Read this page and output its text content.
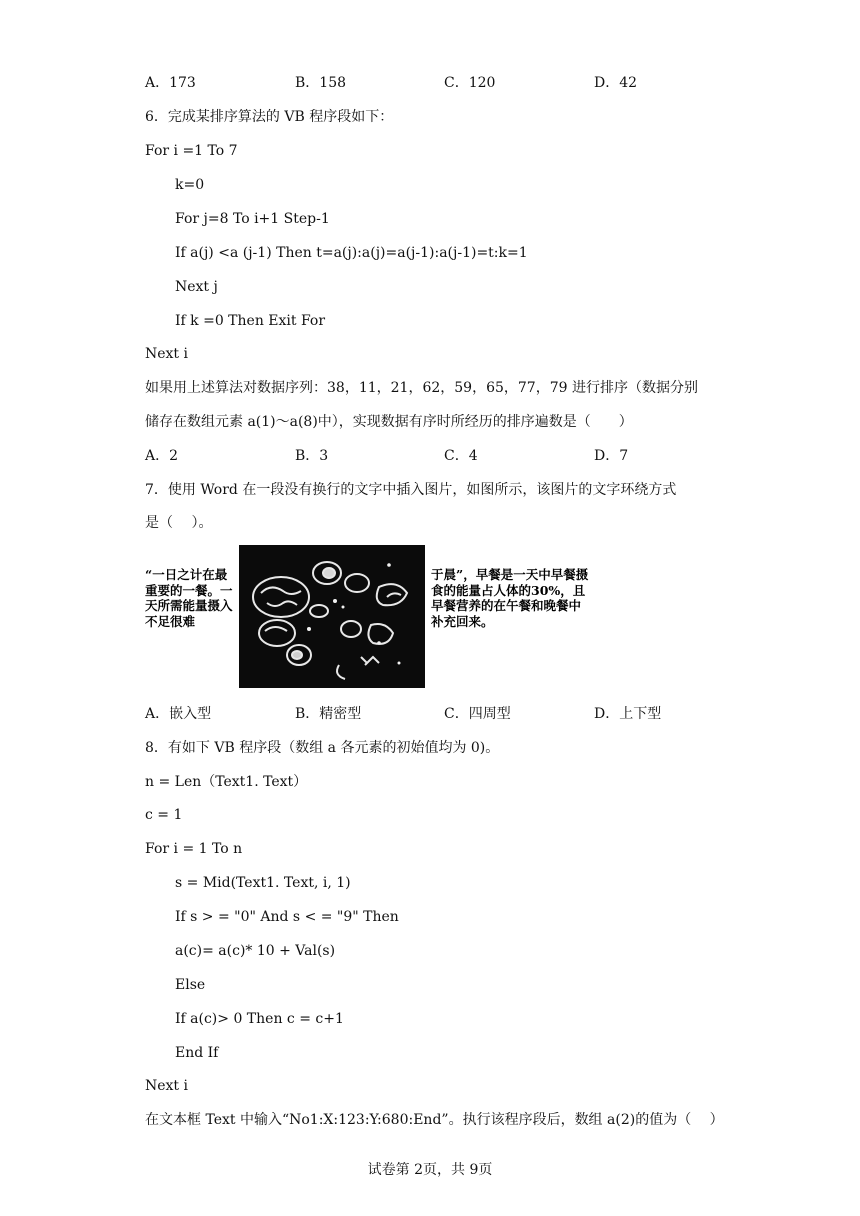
A．173	B．158	C．120	D．42
6．完成某排序算法的 VB 程序段如下：
For i =1 To 7
k=0
For j=8 To i+1 Step-1
If a(j) <a (j-1) Then t=a(j):a(j)=a(j-1):a(j-1)=t:k=1
Next j
If k =0 Then Exit For
Next i
如果用上述算法对数据序列：38，11，21，62，59，65，77，79 进行排序（数据分别
储存在数组元素 a(1)～a(8)中），实现数据有序时所经历的排序遍数是（　　）
A．2	B．3	C．4	D．7
7．使用 Word 在一段没有换行的文字中插入图片，如图所示，该图片的文字环绕方式
是（　 ）。
“一日之计在最重要的一餐。一天所需能量摄入不足很难
于晨”，早餐是一天中早餐摄食的能量占人体的30%，且早餐营养的在午餐和晚餐中补充回来。
A．嵌入型	B．精密型	C．四周型	D．上下型
8．有如下 VB 程序段（数组 a 各元素的初始值均为 0)。
n = Len（Text1. Text）
c = 1
For i = 1 To n
s = Mid(Text1. Text, i, 1)
If s > = "0" And s < = "9" Then
a(c)= a(c)* 10 + Val(s)
Else
If a(c)> 0 Then c = c+1
End If
Next i
在文本框 Text 中输入“No1:X:123:Y:680:End”。执行该程序段后，数组 a(2)的值为（　 ）
试卷第 2页，共 9页
